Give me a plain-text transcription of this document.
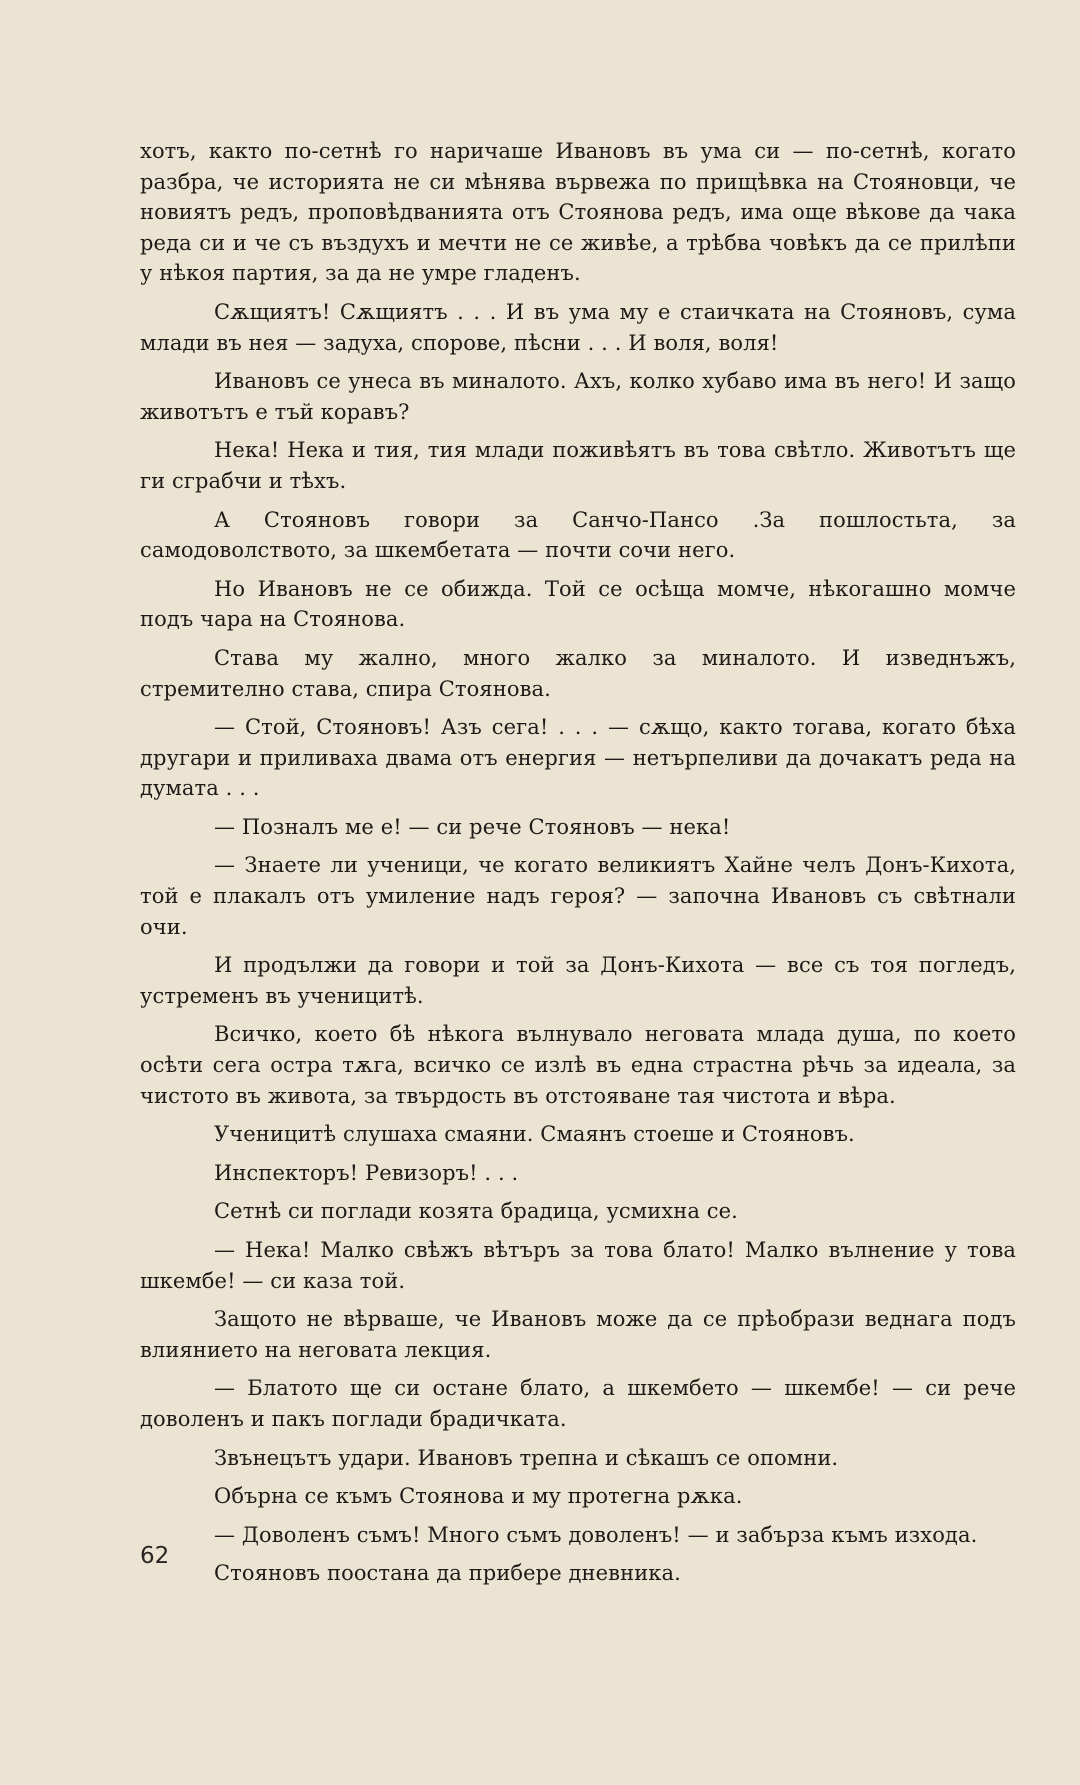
хотъ, както по-сетнѣ го наричаше Ивановъ въ ума си — по-сетнѣ, когато разбра, че историята не си мѣнява вървежа по прищѣвка на Стояновци, че новиятъ редъ, проповѣдванията отъ Стоянова редъ, има още вѣкове да чака реда си и че съ въздухъ и мечти не се живѣе, а трѣбва човѣкъ да се прилѣпи у нѣкоя партия, за да не умре гладенъ.

Сѫщиятъ! Сѫщиятъ . . . И въ ума му е стаичката на Стояновъ, сума млади въ нея — задуха, спорове, пѣсни . . . И воля, воля!

Ивановъ се унеса въ миналото. Ахъ, колко хубаво има въ него! И защо животътъ е тъй коравъ?

Нека! Нека и тия, тия млади поживѣятъ въ това свѣтло. Животътъ ще ги сграбчи и тѣхъ.

А Стояновъ говори за Санчо-Пансо .За пошлостьта, за самодоволството, за шкембетата — почти сочи него.

Но Ивановъ не се обижда. Той се осѣща момче, нѣкогашно момче подъ чара на Стоянова.

Става му жално, много жалко за миналото. И изведнъжъ, стремително става, спира Стоянова.

— Стой, Стояновъ! Азъ сега! . . . — сѫщо, както тогава, когато бѣха другари и приливаха двама отъ енергия — нетърпеливи да дочакатъ реда на думата . . .

— Позналъ ме е! — си рече Стояновъ — нека!

— Знаете ли ученици, че когато великиятъ Хайне челъ Донъ-Кихота, той е плакалъ отъ умиление надъ героя? — започна Ивановъ съ свѣтнали очи.

И продължи да говори и той за Донъ-Кихота — все съ тоя погледъ, устременъ въ ученицитѣ.

Всичко, което бѣ нѣкога вълнувало неговата млада душа, по което осѣти сега остра тѫга, всичко се излѣ въ една страстна рѣчь за идеала, за чистото въ живота, за твърдость въ отстояване тая чистота и вѣра.

Ученицитѣ слушаха смаяни. Смаянъ стоеше и Стояновъ.

Инспекторъ! Ревизоръ! . . .

Сетнѣ си поглади козята брадица, усмихна се.

— Нека! Малко свѣжъ вѣтъръ за това блато! Малко вълнение у това шкембе! — си каза той.

Защото не вѣрваше, че Ивановъ може да се прѣобрази веднага подъ влиянието на неговата лекция.

— Блатото ще си остане блато, а шкембето — шкембе! — си рече доволенъ и пакъ поглади брадичката.

Звънецътъ удари. Ивановъ трепна и сѣкашъ се опомни.

Обърна се къмъ Стоянова и му протегна рѫка.

— Доволенъ съмъ! Много съмъ доволенъ! — и забърза къмъ изхода.

Стояновъ поостана да прибере дневника.

62
